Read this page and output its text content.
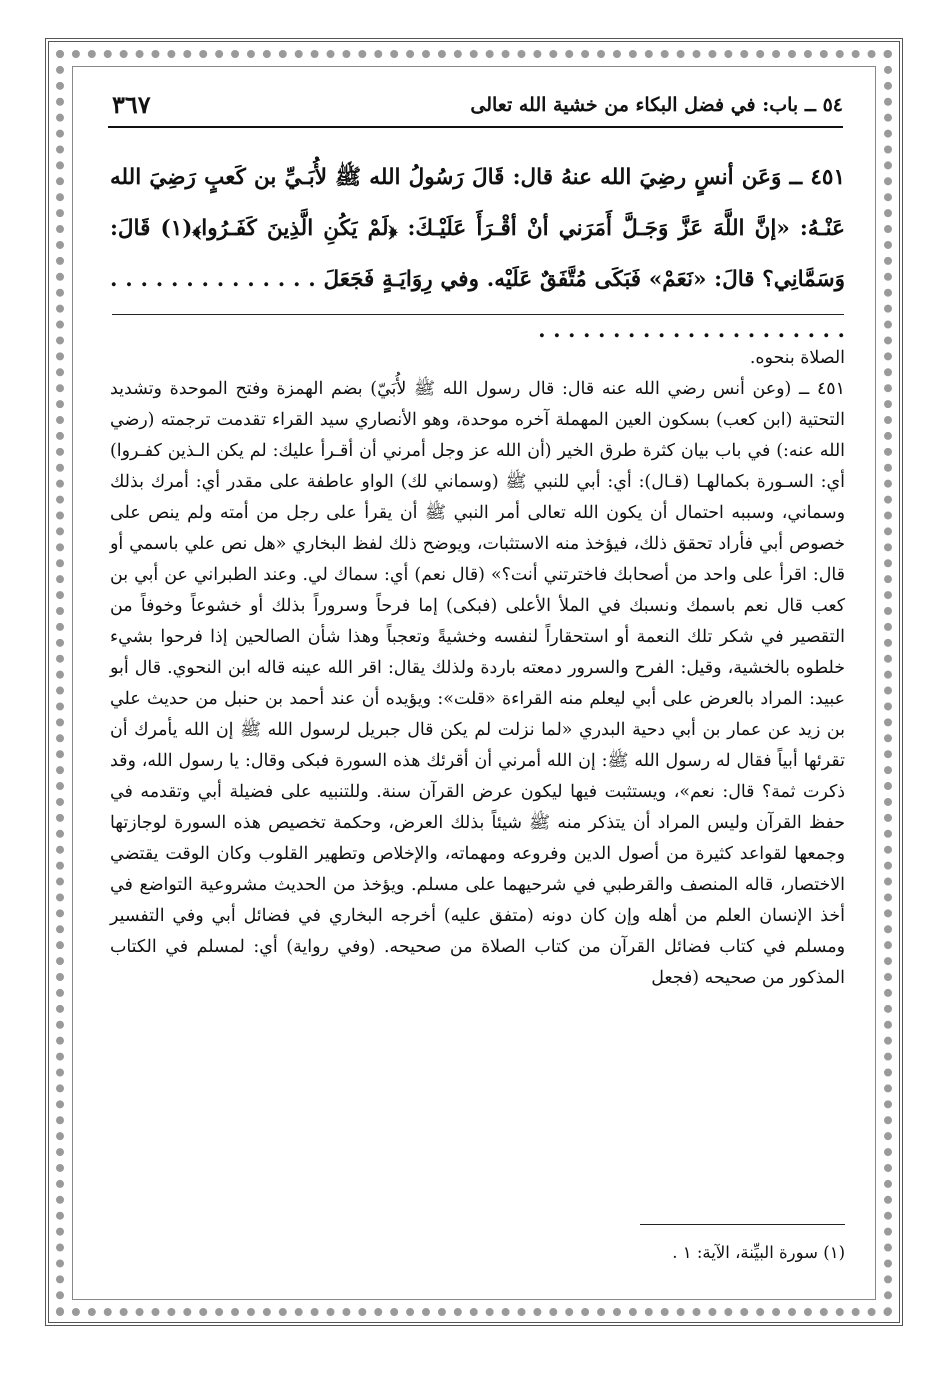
٥٤ ــ باب: في فضل البكاء من خشية الله تعالى
٣٦٧

٤٥١ ــ وَعَن أنسٍ رضِيَ الله عنهُ قال: قَالَ رَسُولُ الله ﷺ لأُبَـيِّ بن كَعبٍ رَضِيَ الله عَنْـهُ: «إنَّ اللَّهَ عَزَّ وَجَـلَّ أَمَرَني أنْ أقْـرَأَ عَلَيْـكَ: ﴿لَمْ يَكُنِ الَّذِينَ كَفَـرُوا﴾(١) قَالَ: وَسَمَّانِي؟ قالَ: «نَعَمْ» فَبَكَى مُتَّفَقٌ عَلَيْه. وفي رِوَايَـةٍ فَجَعَلَ . . . . . . . . . . . . . . . . . . . . . . . . . . . . . . . . . . .

الصلاة بنحوه.

٤٥١ ــ (وعن أنس رضي الله عنه قال: قال رسول الله ﷺ لأُبَيّ) بضم الهمزة وفتح الموحدة وتشديد التحتية (ابن كعب) بسكون العين المهملة آخره موحدة، وهو الأنصاري سيد القراء تقدمت ترجمته (رضي الله عنه:) في باب بيان كثرة طرق الخير (أن الله عز وجل أمرني أن أقـرأ عليك: لم يكن الـذين كفـروا) أي: السـورة بكمالهـا (قـال): أي: أبي للنبي ﷺ (وسماني لك) الواو عاطفة على مقدر أي: أمرك بذلك وسماني، وسببه احتمال أن يكون الله تعالى أمر النبي ﷺ أن يقرأ على رجل من أمته ولم ينص على خصوص أبي فأراد تحقق ذلك، فيؤخذ منه الاستثبات، ويوضح ذلك لفظ البخاري «هل نص علي باسمي أو قال: اقرأ على واحد من أصحابك فاخترتني أنت؟» (قال نعم) أي: سماك لي. وعند الطبراني عن أبي بن كعب قال نعم باسمك ونسبك في الملأ الأعلى (فبكى) إما فرحاً وسروراً بذلك أو خشوعاً وخوفاً من التقصير في شكر تلك النعمة أو استحقاراً لنفسه وخشيةً وتعجباً وهذا شأن الصالحين إذا فرحوا بشيء خلطوه بالخشية، وقيل: الفرح والسرور دمعته باردة ولذلك يقال: اقر الله عينه قاله ابن النحوي. قال أبو عبيد: المراد بالعرض على أبي ليعلم منه القراءة «قلت»: ويؤيده أن عند أحمد بن حنبل من حديث علي بن زيد عن عمار بن أبي دحية البدري «لما نزلت لم يكن قال جبريل لرسول الله ﷺ إن الله يأمرك أن تقرئها أبياً فقال له رسول الله ﷺ: إن الله أمرني أن أقرئك هذه السورة فبكى وقال: يا رسول الله، وقد ذكرت ثمة؟ قال: نعم»، ويستثبت فيها ليكون عرض القرآن سنة. وللتنبيه على فضيلة أبي وتقدمه في حفظ القرآن وليس المراد أن يتذكر منه ﷺ شيئاً بذلك العرض، وحكمة تخصيص هذه السورة لوجازتها وجمعها لقواعد كثيرة من أصول الدين وفروعه ومهماته، والإخلاص وتطهير القلوب وكان الوقت يقتضي الاختصار، قاله المنصف والقرطبي في شرحيهما على مسلم. ويؤخذ من الحديث مشروعية التواضع في أخذ الإنسان العلم من أهله وإن كان دونه (متفق عليه) أخرجه البخاري في فضائل أبي وفي التفسير ومسلم في كتاب فضائل القرآن من كتاب الصلاة من صحيحه. (وفي رواية) أي: لمسلم في الكتاب المذكور من صحيحه (فجعل

(١) سورة البيِّنة، الآية: ١ .
